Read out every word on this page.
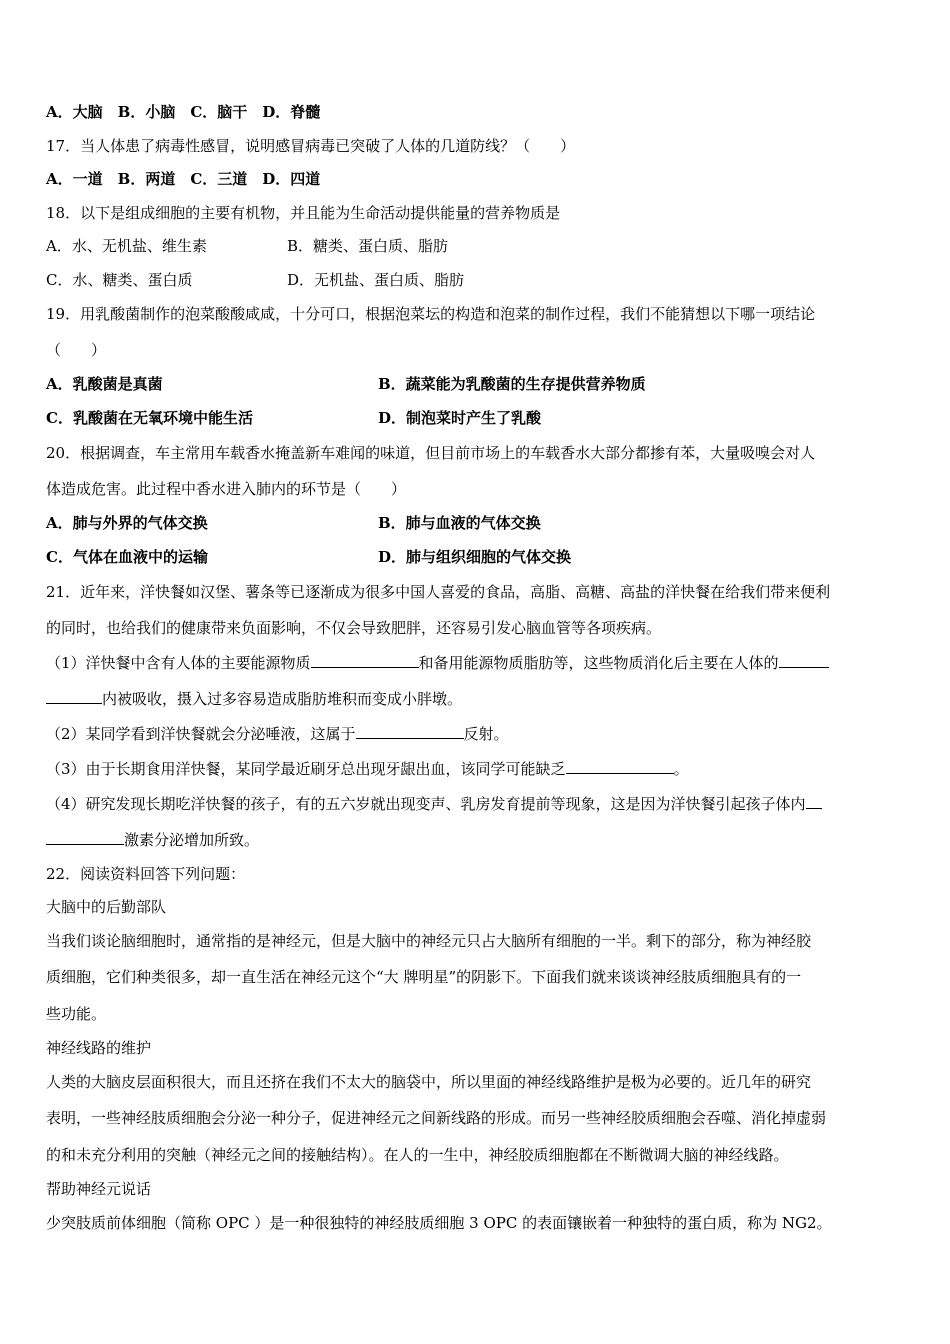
A．大脑　B．小脑　C．脑干　D．脊髓
17．当人体患了病毒性感冒，说明感冒病毒已突破了人体的几道防线？（　　）
A．一道　B．两道　C．三道　D．四道
18．以下是组成细胞的主要有机物，并且能为生命活动提供能量的营养物质是
A．水、无机盐、维生素	B．糖类、蛋白质、脂肪
C．水、糖类、蛋白质	D．无机盐、蛋白质、脂肪
19．用乳酸菌制作的泡菜酸酸咸咸，十分可口，根据泡菜坛的构造和泡菜的制作过程，我们不能猜想以下哪一项结论
（　　）
A．乳酸菌是真菌	B．蔬菜能为乳酸菌的生存提供营养物质
C．乳酸菌在无氧环境中能生活	D．制泡菜时产生了乳酸
20．根据调查，车主常用车载香水掩盖新车难闻的味道，但目前市场上的车载香水大部分都掺有苯，大量吸嗅会对人
体造成危害。此过程中香水进入肺内的环节是（　　）
A．肺与外界的气体交换	B．肺与血液的气体交换
C．气体在血液中的运输	D．肺与组织细胞的气体交换
21．近年来，洋快餐如汉堡、薯条等已逐渐成为很多中国人喜爱的食品，高脂、高糖、高盐的洋快餐在给我们带来便利
的同时，也给我们的健康带来负面影响，不仅会导致肥胖，还容易引发心脑血管等各项疾病。
（1）洋快餐中含有人体的主要能源物质	和备用能源物质脂肪等，这些物质消化后主要在人体的
内被吸收，摄入过多容易造成脂肪堆积而变成小胖墩。
（2）某同学看到洋快餐就会分泌唾液，这属于	反射。
（3）由于长期食用洋快餐，某同学最近刷牙总出现牙龈出血，该同学可能缺乏	。
（4）研究发现长期吃洋快餐的孩子，有的五六岁就出现变声、乳房发育提前等现象，这是因为洋快餐引起孩子体内
激素分泌增加所致。
22．阅读资料回答下列问题：
大脑中的后勤部队
当我们谈论脑细胞时，通常指的是神经元，但是大脑中的神经元只占大脑所有细胞的一半。剩下的部分，称为神经胶
质细胞，它们种类很多，却一直生活在神经元这个“大 牌明星”的阴影下。下面我们就来谈谈神经肢质细胞具有的一
些功能。
神经线路的维护
人类的大脑皮层面积很大，而且还挤在我们不太大的脑袋中，所以里面的神经线路维护是极为必要的。近几年的研究
表明，一些神经肢质细胞会分泌一种分子，促进神经元之间新线路的形成。而另一些神经胶质细胞会吞噬、消化掉虚弱
的和未充分利用的突触（神经元之间的接触结构）。在人的一生中，神经胶质细胞都在不断微调大脑的神经线路。
帮助神经元说话
少突肢质前体细胞（简称 OPC ）是一种很独特的神经肢质细胞 3 OPC 的表面镶嵌着一种独特的蛋白质，称为 NG2。
